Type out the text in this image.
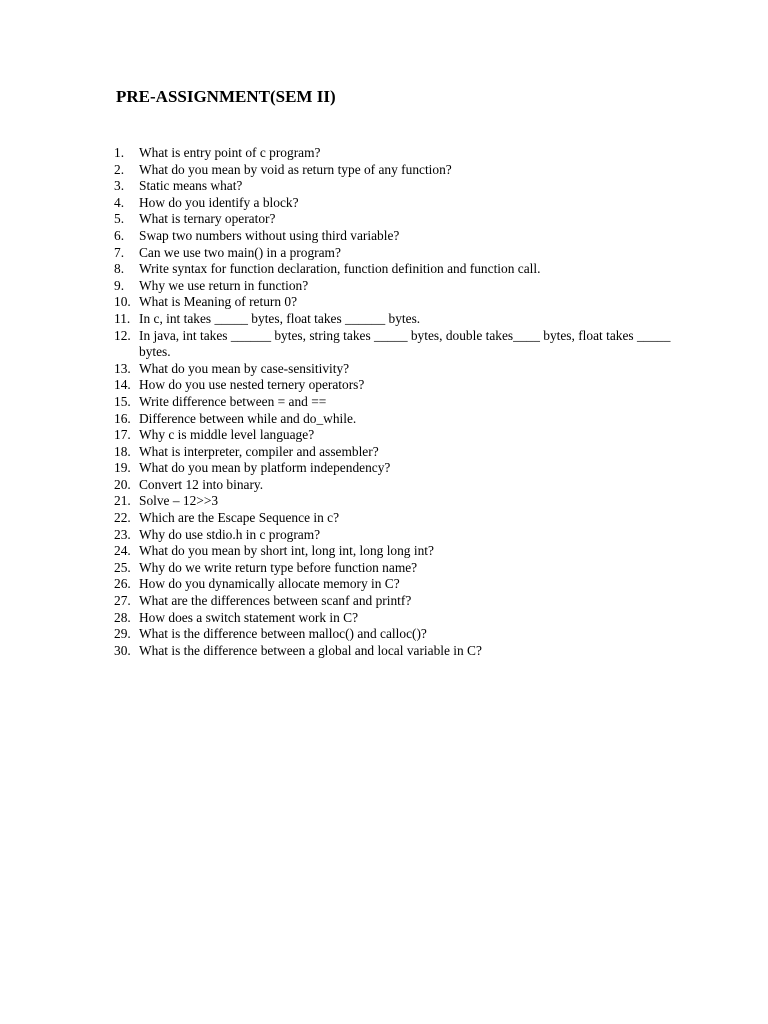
PRE-ASSIGNMENT(SEM II)
1.	What is entry point of c program?
2.	What do you mean by void as return type of any function?
3.	Static means what?
4.	How do you identify a block?
5.	What is ternary operator?
6.	Swap two numbers without using third variable?
7.	Can we use two main() in a program?
8.	Write syntax for function declaration, function definition and function call.
9.	Why we use return in function?
10. What is Meaning of return 0?
11. In c, int takes _____ bytes, float takes ______ bytes.
12. In java, int takes ______ bytes, string takes _____ bytes, double takes____ bytes, float takes _____ bytes.
13. What do you mean by case-sensitivity?
14. How do you use nested ternery operators?
15. Write difference between = and ==
16. Difference between while and do_while.
17. Why c is middle level language?
18. What is interpreter, compiler and assembler?
19. What do you mean by platform independency?
20. Convert 12 into binary.
21. Solve – 12>>3
22. Which are the Escape Sequence in c?
23. Why do use stdio.h in c program?
24. What do you mean by short int, long int, long long int?
25. Why do we write return type before function name?
26. How do you dynamically allocate memory in C?
27. What are the differences between scanf and printf?
28. How does a switch statement work in C?
29. What is the difference between malloc() and calloc()?
30. What is the difference between a global and local variable in C?
